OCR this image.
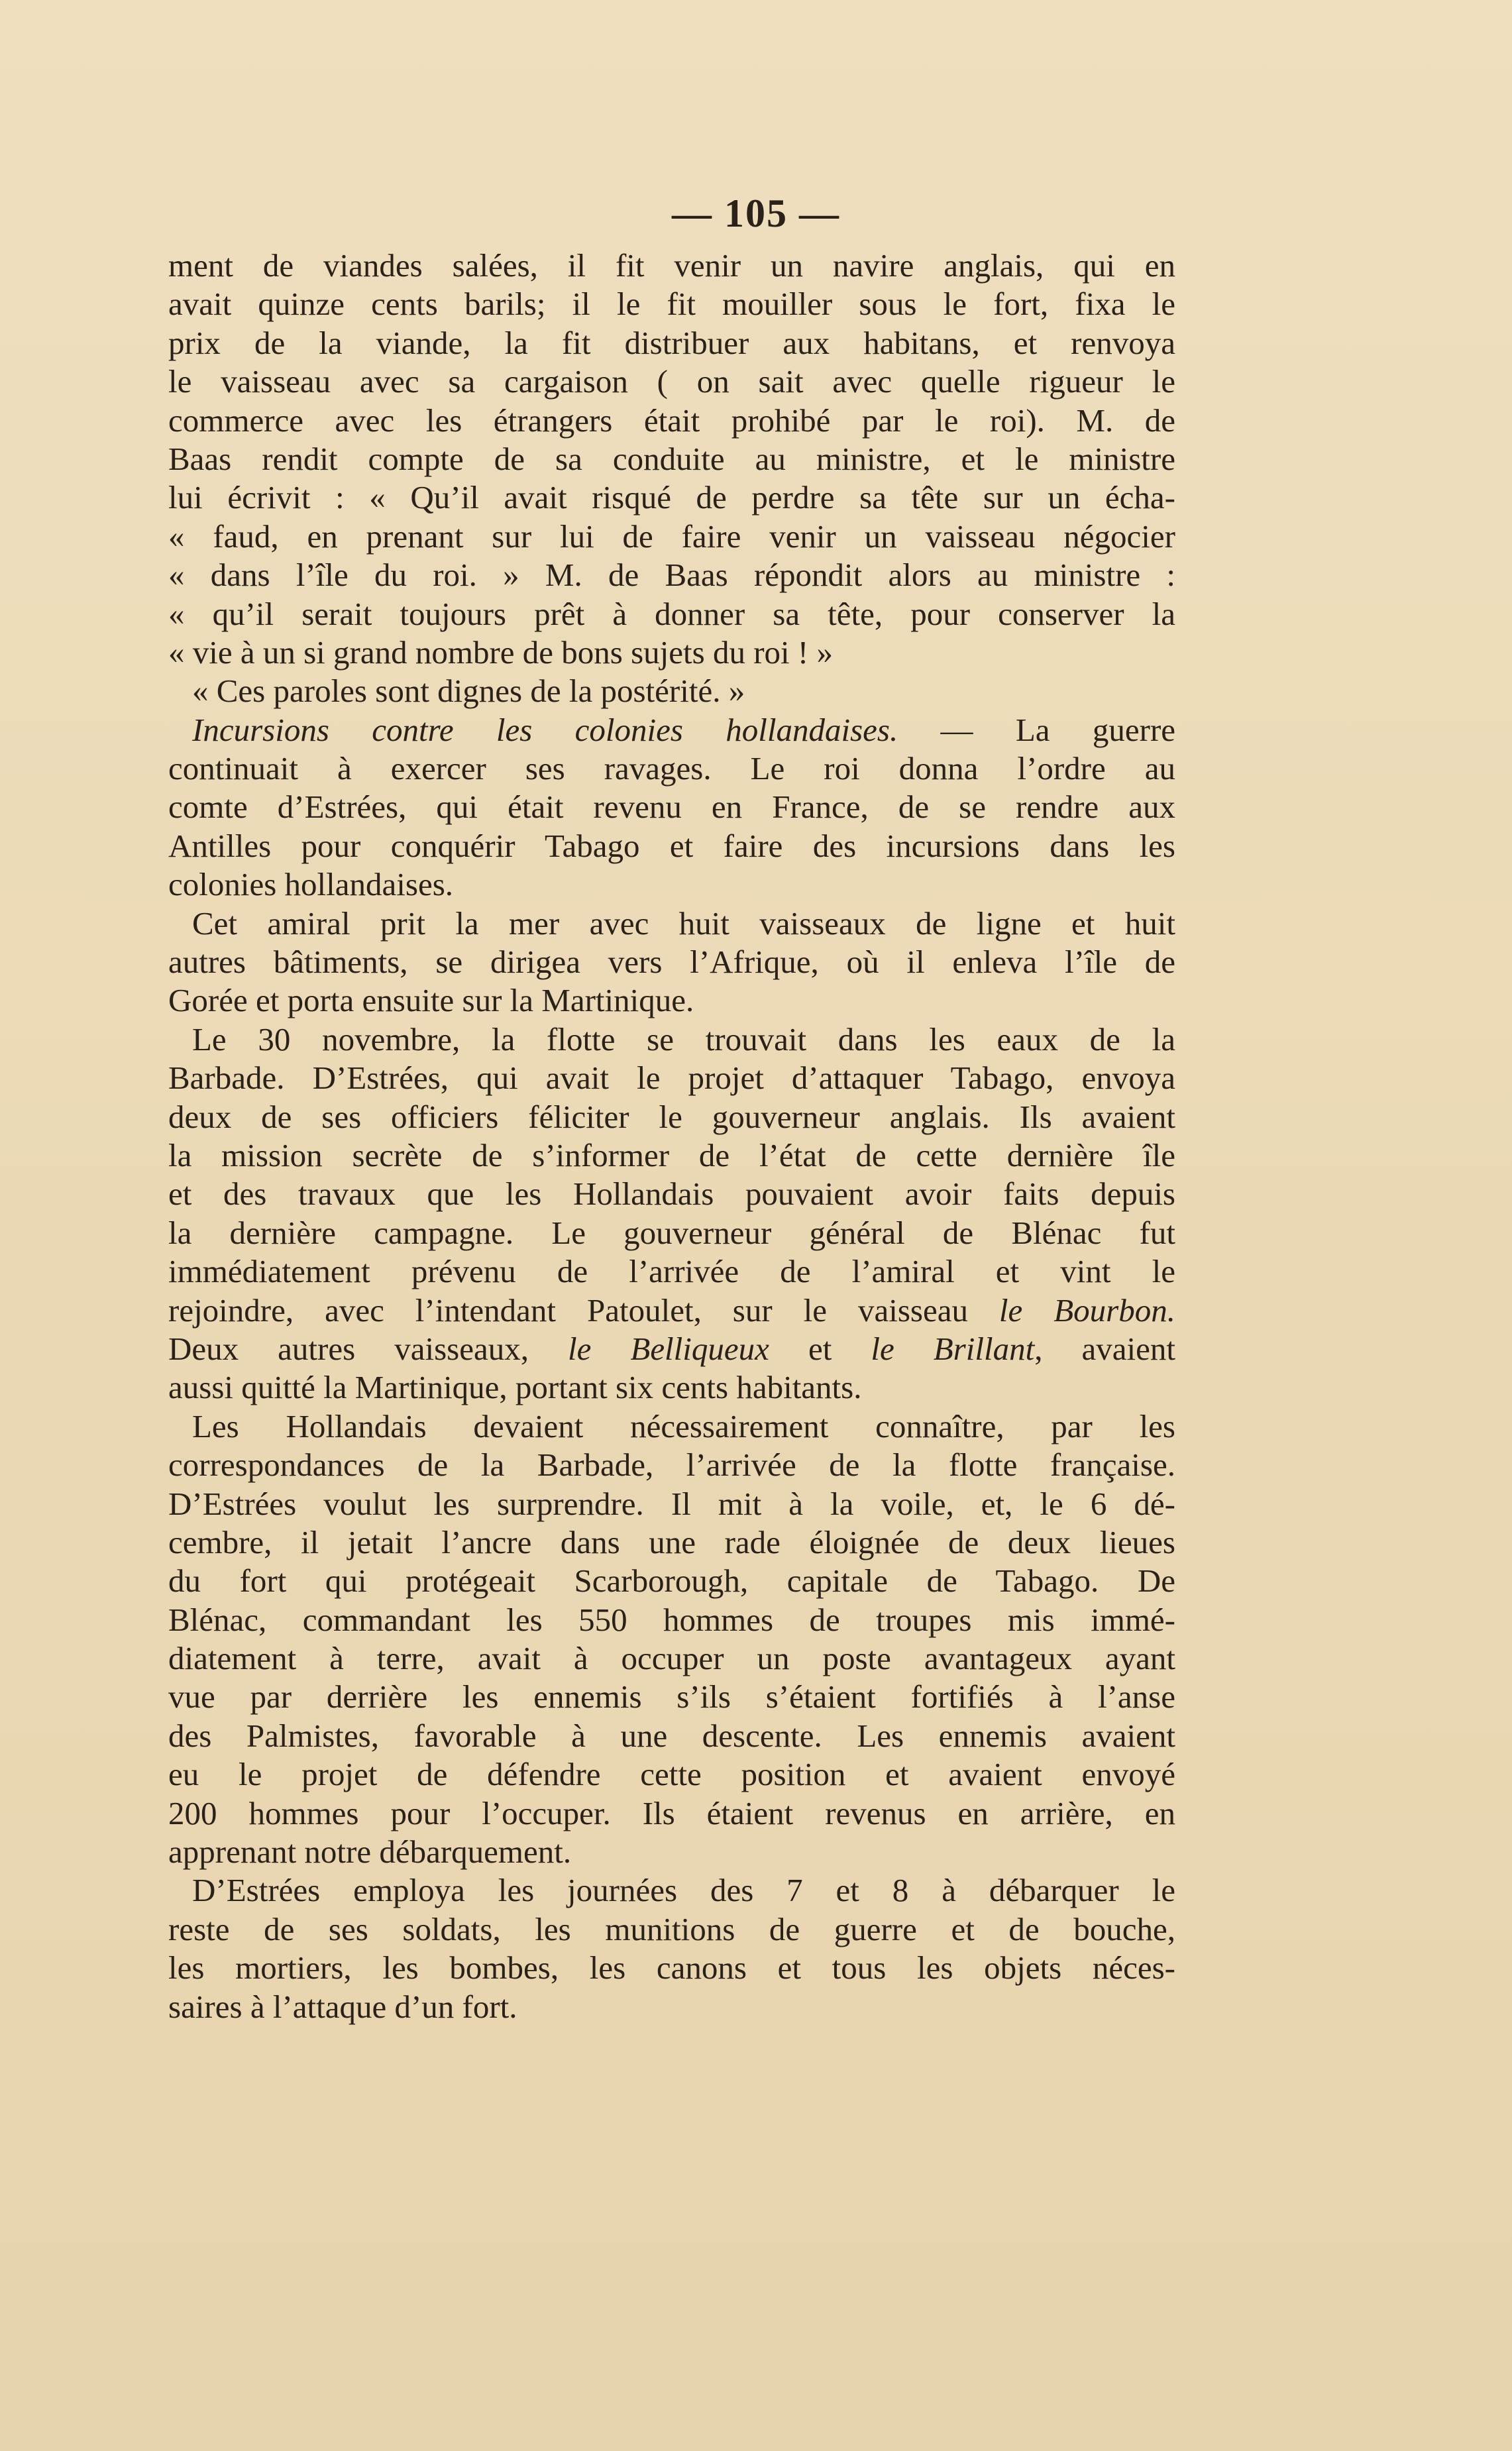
— 105 —
ment de viandes salées, il fit venir un navire anglais, qui en
avait quinze cents barils; il le fit mouiller sous le fort, fixa le
prix de la viande, la fit distribuer aux habitans, et renvoya
le vaisseau avec sa cargaison ( on sait avec quelle rigueur le
commerce avec les étrangers était prohibé par le roi). M. de
Baas rendit compte de sa conduite au ministre, et le ministre
lui écrivit : « Qu’il avait risqué de perdre sa tête sur un écha-
« faud, en prenant sur lui de faire venir un vaisseau négocier
« dans l’île du roi. » M. de Baas répondit alors au ministre :
« qu’il serait toujours prêt à donner sa tête, pour conserver la
« vie à un si grand nombre de bons sujets du roi ! »
« Ces paroles sont dignes de la postérité. »
Incursions contre les colonies hollandaises. — La guerre
continuait à exercer ses ravages. Le roi donna l’ordre au
comte d’Estrées, qui était revenu en France, de se rendre aux
Antilles pour conquérir Tabago et faire des incursions dans les
colonies hollandaises.
Cet amiral prit la mer avec huit vaisseaux de ligne et huit
autres bâtiments, se dirigea vers l’Afrique, où il enleva l’île de
Gorée et porta ensuite sur la Martinique.
Le 30 novembre, la flotte se trouvait dans les eaux de la
Barbade. D’Estrées, qui avait le projet d’attaquer Tabago, envoya
deux de ses officiers féliciter le gouverneur anglais. Ils avaient
la mission secrète de s’informer de l’état de cette dernière île
et des travaux que les Hollandais pouvaient avoir faits depuis
la dernière campagne. Le gouverneur général de Blénac fut
immédiatement prévenu de l’arrivée de l’amiral et vint le
rejoindre, avec l’intendant Patoulet, sur le vaisseau le Bourbon.
Deux autres vaisseaux, le Belliqueux et le Brillant, avaient
aussi quitté la Martinique, portant six cents habitants.
Les Hollandais devaient nécessairement connaître, par les
correspondances de la Barbade, l’arrivée de la flotte française.
D’Estrées voulut les surprendre. Il mit à la voile, et, le 6 dé-
cembre, il jetait l’ancre dans une rade éloignée de deux lieues
du fort qui protégeait Scarborough, capitale de Tabago. De
Blénac, commandant les 550 hommes de troupes mis immé-
diatement à terre, avait à occuper un poste avantageux ayant
vue par derrière les ennemis s’ils s’étaient fortifiés à l’anse
des Palmistes, favorable à une descente. Les ennemis avaient
eu le projet de défendre cette position et avaient envoyé
200 hommes pour l’occuper. Ils étaient revenus en arrière, en
apprenant notre débarquement.
D’Estrées employa les journées des 7 et 8 à débarquer le
reste de ses soldats, les munitions de guerre et de bouche,
les mortiers, les bombes, les canons et tous les objets néces-
saires à l’attaque d’un fort.
